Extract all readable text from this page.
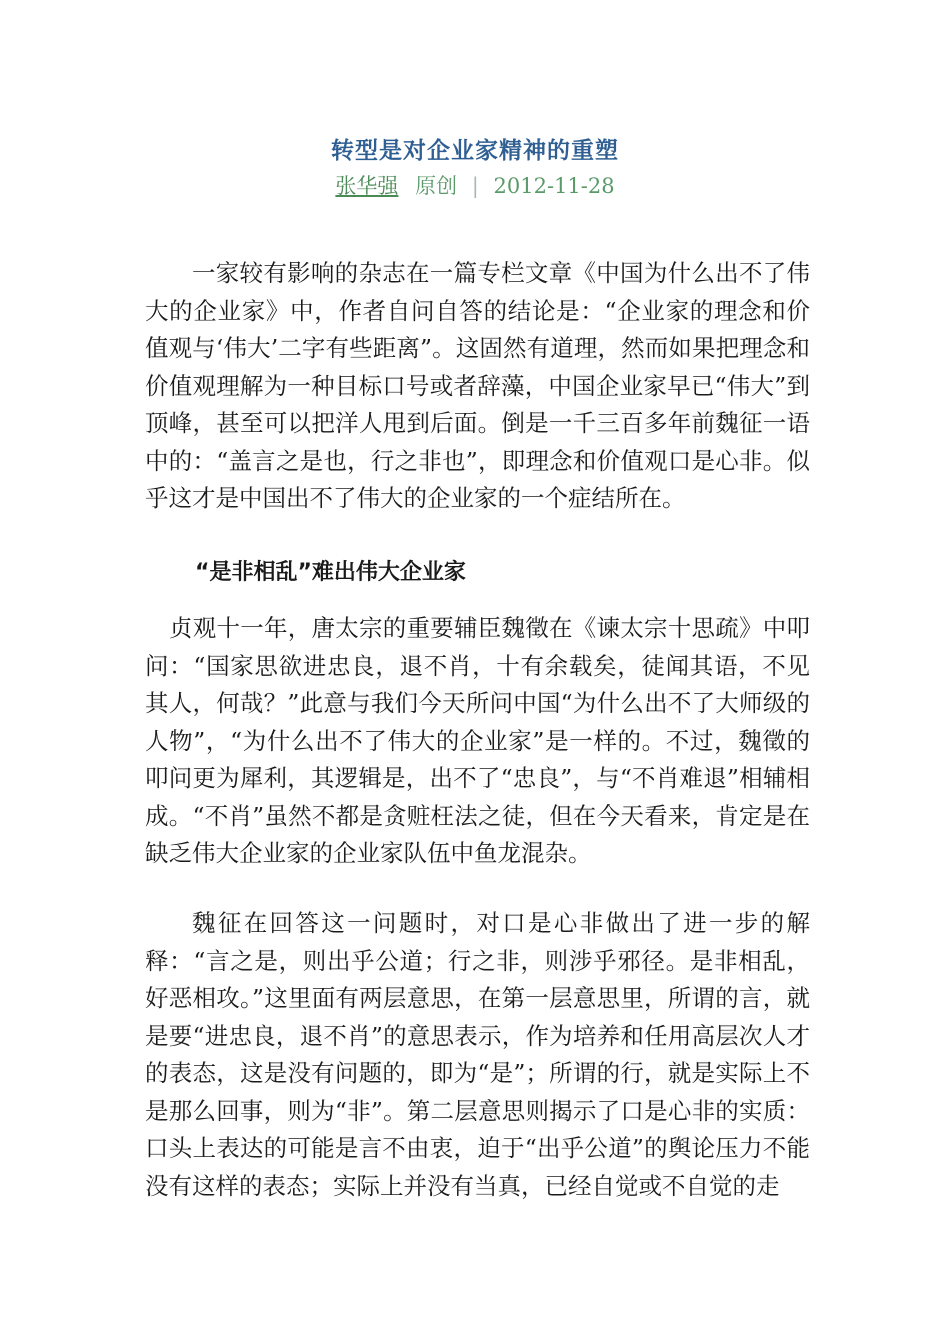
转型是对企业家精神的重塑
张华强 原创 | 2012-11-28

一家较有影响的杂志在一篇专栏文章《中国为什么出不了伟大的企业家》中，作者自问自答的结论是：“企业家的理念和价值观与‘伟大’二字有些距离”。这固然有道理，然而如果把理念和价值观理解为一种目标口号或者辞藻，中国企业家早已“伟大”到顶峰，甚至可以把洋人甩到后面。倒是一千三百多年前魏征一语中的：“盖言之是也，行之非也”，即理念和价值观口是心非。似乎这才是中国出不了伟大的企业家的一个症结所在。

“是非相乱”难出伟大企业家

贞观十一年，唐太宗的重要辅臣魏徵在《谏太宗十思疏》中叩问：“国家思欲进忠良，退不肖，十有余载矣，徒闻其语，不见其人，何哉？”此意与我们今天所问中国“为什么出不了大师级的人物”，“为什么出不了伟大的企业家”是一样的。不过，魏徵的叩问更为犀利，其逻辑是，出不了“忠良”，与“不肖难退”相辅相成。“不肖”虽然不都是贪赃枉法之徒，但在今天看来，肯定是在缺乏伟大企业家的企业家队伍中鱼龙混杂。

魏征在回答这一问题时，对口是心非做出了进一步的解释：“言之是，则出乎公道；行之非，则涉乎邪径。是非相乱，好恶相攻。”这里面有两层意思，在第一层意思里，所谓的言，就是要“进忠良，退不肖”的意思表示，作为培养和任用高层次人才的表态，这是没有问题的，即为“是”；所谓的行，就是实际上不是那么回事，则为“非”。第二层意思则揭示了口是心非的实质：口头上表达的可能是言不由衷，迫于“出乎公道”的舆论压力不能没有这样的表态；实际上并没有当真，已经自觉或不自觉的走
